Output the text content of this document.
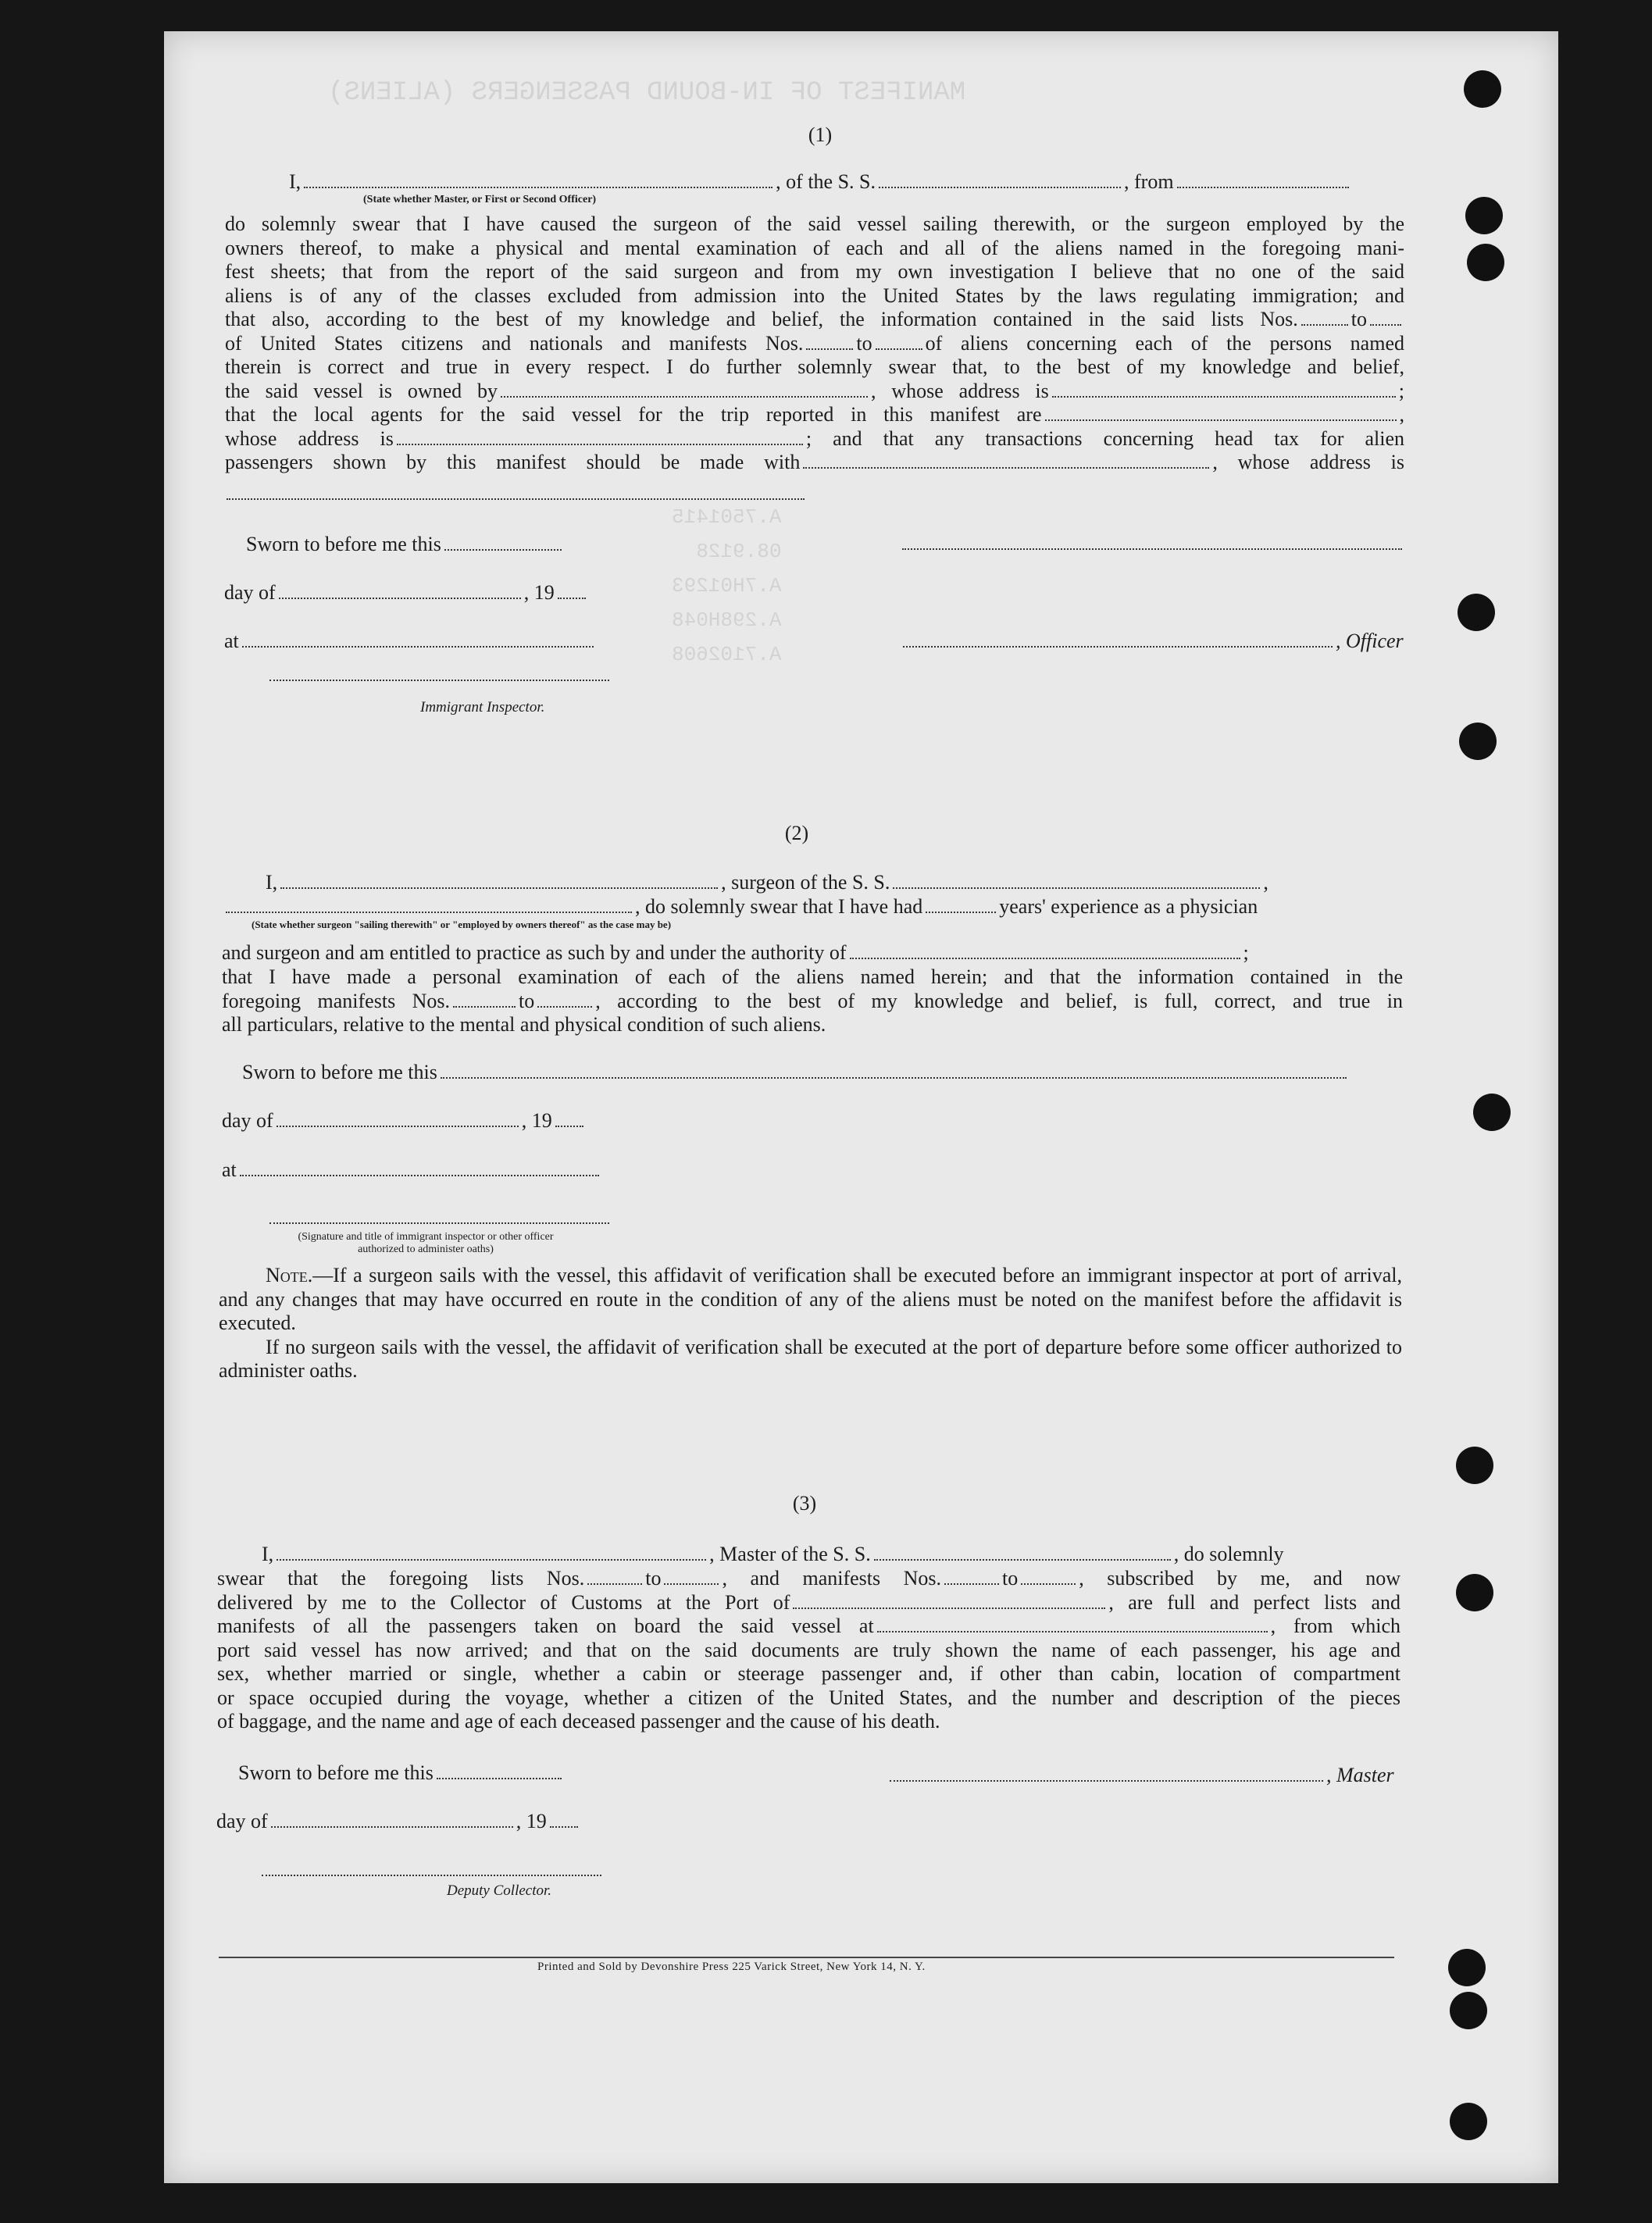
MANIFEST OF IN-BOUND PASSENGERS (ALIENS)
A.7501415
08.9128
A.7H01293
A.298H048
A.7102608
(1)
I,	, of the S. S.	, from
(State whether Master, or First or Second Officer)

do solemnly swear that I have caused the surgeon of the said vessel sailing therewith, or the surgeon employed by the

owners thereof, to make a physical and mental examination of each and all of the aliens named in the foregoing mani-

fest sheets; that from the report of the said surgeon and from my own investigation I believe that no one of the said

aliens is of any of the classes excluded from admission into the United States by the laws regulating immigration; and

that also, according to the best of my knowledge and belief, the information contained in the said lists Nos.	to

of United States citizens and nationals and manifests Nos.	to	of aliens concerning each of the persons named

therein is correct and true in every respect. I do further solemnly swear that, to the best of my knowledge and belief,

the said vessel is owned by	, whose address is	;

that the local agents for the said vessel for the trip reported in this manifest are	,

whose address is	; and that any transactions concerning head tax for alien

passengers shown by this manifest should be made with	, whose address is

Sworn to before me this
day of	, 19
at	, Officer
Immigrant Inspector.
(2)
I,	, surgeon of the S. S.	,
, do solemnly swear that I have had	years' experience as a physician
(State whether surgeon "sailing therewith" or "employed by owners thereof" as the case may be)
and surgeon and am entitled to practice as such by and under the authority of	;

that I have made a personal examination of each of the aliens named herein; and that the information contained in the

foregoing manifests Nos.	to	, according to the best of my knowledge and belief, is full, correct, and true in

all particulars, relative to the mental and physical condition of such aliens.

Sworn to before me this
day of	, 19
at
(Signature and title of immigrant inspector or other officer authorized to administer oaths)

Note.—If a surgeon sails with the vessel, this affidavit of verification shall be executed before an immigrant inspector at port of arrival, and any changes that may have occurred en route in the condition of any of the aliens must be noted on the manifest before the affidavit is executed.

If no surgeon sails with the vessel, the affidavit of verification shall be executed at the port of departure before some officer authorized to administer oaths.

(3)
I,	, Master of the S. S.	, do solemnly

swear that the foregoing lists Nos.	to	, and manifests Nos.	to	, subscribed by me, and now

delivered by me to the Collector of Customs at the Port of	, are full and perfect lists and

manifests of all the passengers taken on board the said vessel at	, from which

port said vessel has now arrived; and that on the said documents are truly shown the name of each passenger, his age and

sex, whether married or single, whether a cabin or steerage passenger and, if other than cabin, location of compartment

or space occupied during the voyage, whether a citizen of the United States, and the number and description of the pieces

of baggage, and the name and age of each deceased passenger and the cause of his death.

Sworn to before me this	, Master
day of	, 19
Deputy Collector.
Printed and Sold by Devonshire Press 225 Varick Street, New York 14, N. Y.
